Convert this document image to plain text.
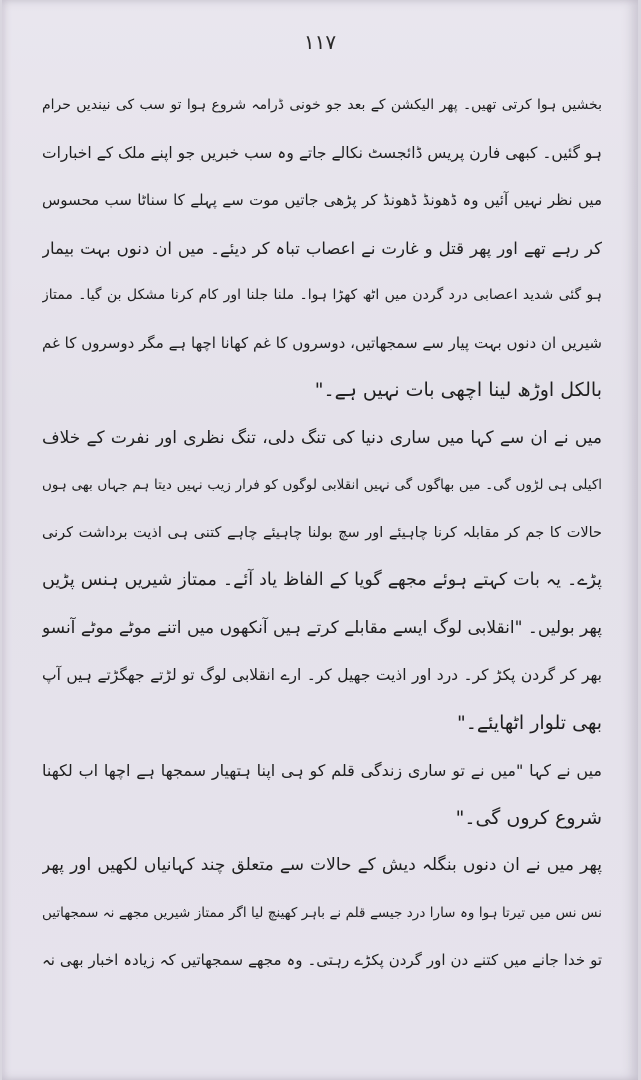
۱۱۷
بخشیں ہوا کرتی تھیں۔ پھر الیکشن کے بعد جو خونی ڈرامہ شروع ہوا تو سب کی نیندیں حرام
ہو گئیں۔ کبھی فارن پریس ڈائجسٹ نکالے جاتے وہ سب خبریں جو اپنے ملک کے اخبارات
میں نظر نہیں آئیں وہ ڈھونڈ ڈھونڈ کر پڑھی جاتیں موت سے پہلے کا سناٹا سب محسوس
کر رہے تھے اور پھر قتل و غارت نے اعصاب تباہ کر دیئے۔ میں ان دنوں بہت بیمار
ہو گئی شدید اعصابی درد گردن میں اٹھ کھڑا ہوا۔ ملنا جلنا اور کام کرنا مشکل بن گیا۔ ممتاز
شیریں ان دنوں بہت پیار سے سمجھاتیں، دوسروں کا غم کھانا اچھا ہے مگر دوسروں کا غم
بالکل اوڑھ لینا اچھی بات نہیں ہے۔"
میں نے ان سے کہا میں ساری دنیا کی تنگ دلی، تنگ نظری اور نفرت کے خلاف
اکیلی ہی لڑوں گی۔ میں بھاگوں گی نہیں انقلابی لوگوں کو فرار زیب نہیں دیتا ہم جہاں بھی ہوں
حالات کا جم کر مقابلہ کرنا چاہیئے اور سچ بولنا چاہیئے چاہے کتنی ہی اذیت برداشت کرنی
پڑے۔ یہ بات کہتے ہوئے مجھے گویا کے الفاظ یاد آئے۔ ممتاز شیریں ہنس پڑیں
پھر بولیں۔ "انقلابی لوگ ایسے مقابلے کرتے ہیں آنکھوں میں اتنے موٹے موٹے آنسو
بھر کر گردن پکڑ کر۔ درد اور اذیت جھیل کر۔ ارے انقلابی لوگ تو لڑتے جھگڑتے ہیں آپ
بھی تلوار اٹھایئے۔"
میں نے کہا "میں نے تو ساری زندگی قلم کو ہی اپنا ہتھیار سمجھا ہے اچھا اب لکھنا
شروع کروں گی۔"
پھر میں نے ان دنوں بنگلہ دیش کے حالات سے متعلق چند کہانیاں لکھیں اور پھر
نس نس میں تیرتا ہوا وہ سارا درد جیسے قلم نے باہر کھینچ لیا اگر ممتاز شیریں مجھے نہ سمجھاتیں
تو خدا جانے میں کتنے دن اور گردن پکڑے رہتی۔ وہ مجھے سمجھاتیں کہ زیادہ اخبار بھی نہ
